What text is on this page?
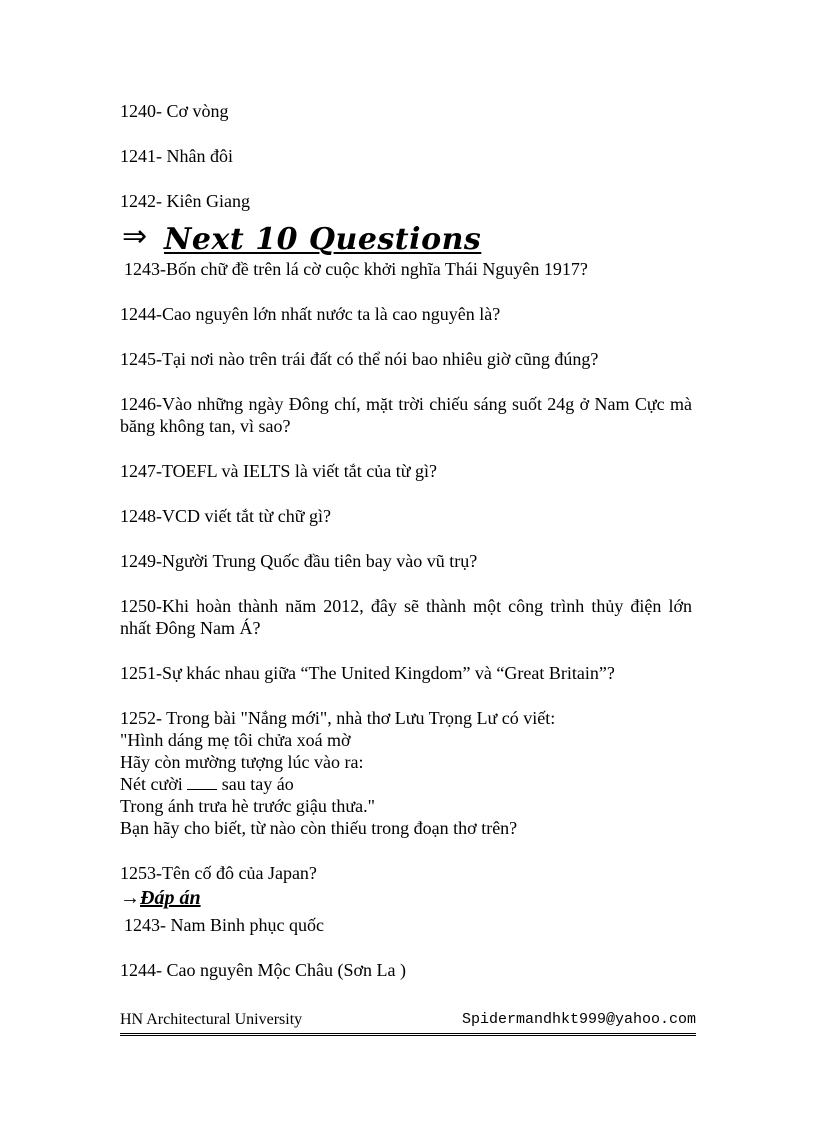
1240- Cơ vòng

1241- Nhân đôi

1242- Kiên Giang

⇒ Next 10 Questions

1243-Bốn chữ đề trên lá cờ cuộc khởi nghĩa Thái Nguyên 1917?

1244-Cao nguyên lớn nhất nước ta là cao nguyên là?

1245-Tại nơi nào trên trái đất có thể nói bao nhiêu giờ cũng đúng?

1246-Vào những ngày Đông chí, mặt trời chiếu sáng suốt 24g ở Nam Cực mà băng không tan, vì sao?

1247-TOEFL và IELTS là viết tắt của từ gì?

1248-VCD viết tắt từ chữ gì?

1249-Người Trung Quốc đầu tiên bay vào vũ trụ?

1250-Khi hoàn thành năm 2012, đây sẽ thành một công trình thủy điện lớn nhất Đông Nam Á?

1251-Sự khác nhau giữa “The United Kingdom” và “Great Britain”?

1252- Trong bài "Nắng mới", nhà thơ Lưu Trọng Lư có viết:

"Hình dáng mẹ tôi chửa xoá mờ

Hãy còn mường tượng lúc vào ra:

Nét cười sau tay áo

Trong ánh trưa hè trước giậu thưa."

Bạn hãy cho biết, từ nào còn thiếu trong đoạn thơ trên?

1253-Tên cố đô của Japan?

→Đáp án

1243- Nam Binh phục quốc

1244- Cao nguyên Mộc Châu (Sơn La )

HN Architectural University	Spidermandhkt999@yahoo.com
